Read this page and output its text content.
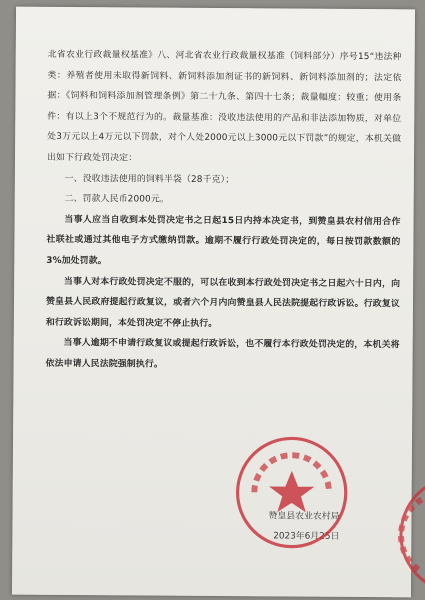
北省农业行政裁量权基准》八、河北省农业行政裁量权基准（饲料部分）序号15“违法种类：养殖者使用未取得新饲料、新饲料添加剂证书的新饲料、新饲料添加剂的；法定依据：《饲料和饲料添加剂管理条例》第二十九条、第四十七条；裁量幅度：较重；使用条件：有以上3个不规范行为的。裁量基准：没收违法使用的产品和非法添加物质，对单位处3万元以上4万元以下罚款，对个人处2000元以上3000元以下罚款”的规定，本机关做出如下行政处罚决定：

一、没收违法使用的饲料半袋（28千克）；

二、罚款人民币2000元。

当事人应当自收到本处罚决定书之日起15日内持本决定书，到赞皇县农村信用合作社联社或通过其他电子方式缴纳罚款。逾期不履行行政处罚决定的，每日按罚款数额的3%加处罚款。

当事人对本行政处罚决定不服的，可以在收到本行政处罚决定书之日起六十日内，向赞皇县人民政府提起行政复议，或者六个月内向赞皇县人民法院提起行政诉讼。行政复议和行政诉讼期间，本处罚决定不停止执行。

当事人逾期不申请行政复议或提起行政诉讼，也不履行本行政处罚决定的，本机关将依法申请人民法院强制执行。

赞皇县农业农村局
2023年6月25日
